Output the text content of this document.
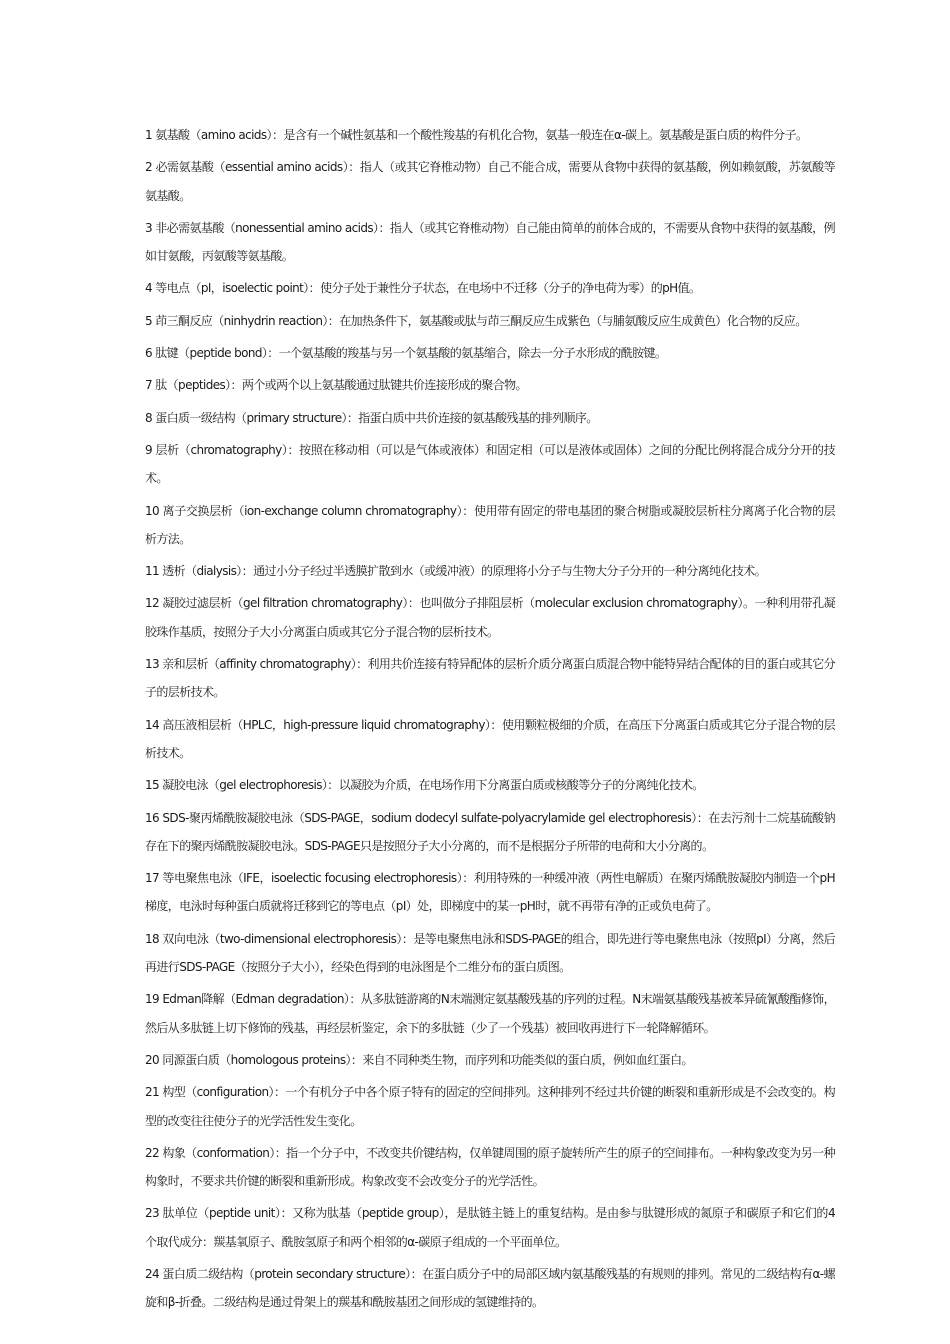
1 氨基酸（amino acids）：是含有一个碱性氨基和一个酸性羧基的有机化合物，氨基一般连在α-碳上。氨基酸是蛋白质的构件分子。
2 必需氨基酸（essential amino acids）：指人（或其它脊椎动物）自己不能合成，需要从食物中获得的氨基酸，例如赖氨酸，苏氨酸等氨基酸。
3 非必需氨基酸（nonessential amino acids）：指人（或其它脊椎动物）自己能由简单的前体合成的，不需要从食物中获得的氨基酸，例如甘氨酸，丙氨酸等氨基酸。
4 等电点（pI，isoelectic point）：使分子处于兼性分子状态，在电场中不迁移（分子的净电荷为零）的pH值。
5 茚三酮反应（ninhydrin reaction）：在加热条件下，氨基酸或肽与茚三酮反应生成紫色（与脯氨酸反应生成黄色）化合物的反应。
6 肽键（peptide bond）：一个氨基酸的羧基与另一个氨基酸的氨基缩合，除去一分子水形成的酰胺键。
7 肽（peptides）：两个或两个以上氨基酸通过肽键共价连接形成的聚合物。
8 蛋白质一级结构（primary structure）：指蛋白质中共价连接的氨基酸残基的排列顺序。
9 层析（chromatography）：按照在移动相（可以是气体或液体）和固定相（可以是液体或固体）之间的分配比例将混合成分分开的技术。
10 离子交换层析（ion-exchange column chromatography）：使用带有固定的带电基团的聚合树脂或凝胶层析柱分离离子化合物的层析方法。
11 透析（dialysis）：通过小分子经过半透膜扩散到水（或缓冲液）的原理将小分子与生物大分子分开的一种分离纯化技术。
12 凝胶过滤层析（gel filtration chromatography）：也叫做分子排阻层析（molecular exclusion chromatography）。一种利用带孔凝胶珠作基质，按照分子大小分离蛋白质或其它分子混合物的层析技术。
13 亲和层析（affinity chromatography）：利用共价连接有特异配体的层析介质分离蛋白质混合物中能特异结合配体的目的蛋白或其它分子的层析技术。
14 高压液相层析（HPLC，high-pressure liquid chromatography）：使用颗粒极细的介质，在高压下分离蛋白质或其它分子混合物的层析技术。
15 凝胶电泳（gel electrophoresis）：以凝胶为介质，在电场作用下分离蛋白质或核酸等分子的分离纯化技术。
16 SDS-聚丙烯酰胺凝胶电泳（SDS-PAGE，sodium dodecyl sulfate-polyacrylamide gel electrophoresis）：在去污剂十二烷基硫酸钠存在下的聚丙烯酰胺凝胶电泳。SDS-PAGE只是按照分子大小分离的，而不是根据分子所带的电荷和大小分离的。
17 等电聚焦电泳（IFE，isoelectic focusing electrophoresis）：利用特殊的一种缓冲液（两性电解质）在聚丙烯酰胺凝胶内制造一个pH梯度，电泳时每种蛋白质就将迁移到它的等电点（pI）处，即梯度中的某一pH时，就不再带有净的正或负电荷了。
18 双向电泳（two-dimensional electrophoresis）：是等电聚焦电泳和SDS-PAGE的组合，即先进行等电聚焦电泳（按照pI）分离，然后再进行SDS-PAGE（按照分子大小），经染色得到的电泳图是个二维分布的蛋白质图。
19 Edman降解（Edman degradation）：从多肽链游离的N末端测定氨基酸残基的序列的过程。N末端氨基酸残基被苯异硫氰酸酯修饰，然后从多肽链上切下修饰的残基，再经层析鉴定，余下的多肽链（少了一个残基）被回收再进行下一轮降解循环。
20 同源蛋白质（homologous proteins）：来自不同种类生物，而序列和功能类似的蛋白质，例如血红蛋白。
21 构型（configuration）：一个有机分子中各个原子特有的固定的空间排列。这种排列不经过共价键的断裂和重新形成是不会改变的。构型的改变往往使分子的光学活性发生变化。
22 构象（conformation）：指一个分子中，不改变共价键结构，仅单键周围的原子旋转所产生的原子的空间排布。一种构象改变为另一种构象时，不要求共价键的断裂和重新形成。构象改变不会改变分子的光学活性。
23 肽单位（peptide unit）：又称为肽基（peptide group），是肽链主链上的重复结构。是由参与肽键形成的氮原子和碳原子和它们的4个取代成分：羰基氧原子、酰胺氢原子和两个相邻的α-碳原子组成的一个平面单位。
24 蛋白质二级结构（protein secondary structure）：在蛋白质分子中的局部区域内氨基酸残基的有规则的排列。常见的二级结构有α-螺旋和β-折叠。二级结构是通过骨架上的羰基和酰胺基团之间形成的氢键维持的。
